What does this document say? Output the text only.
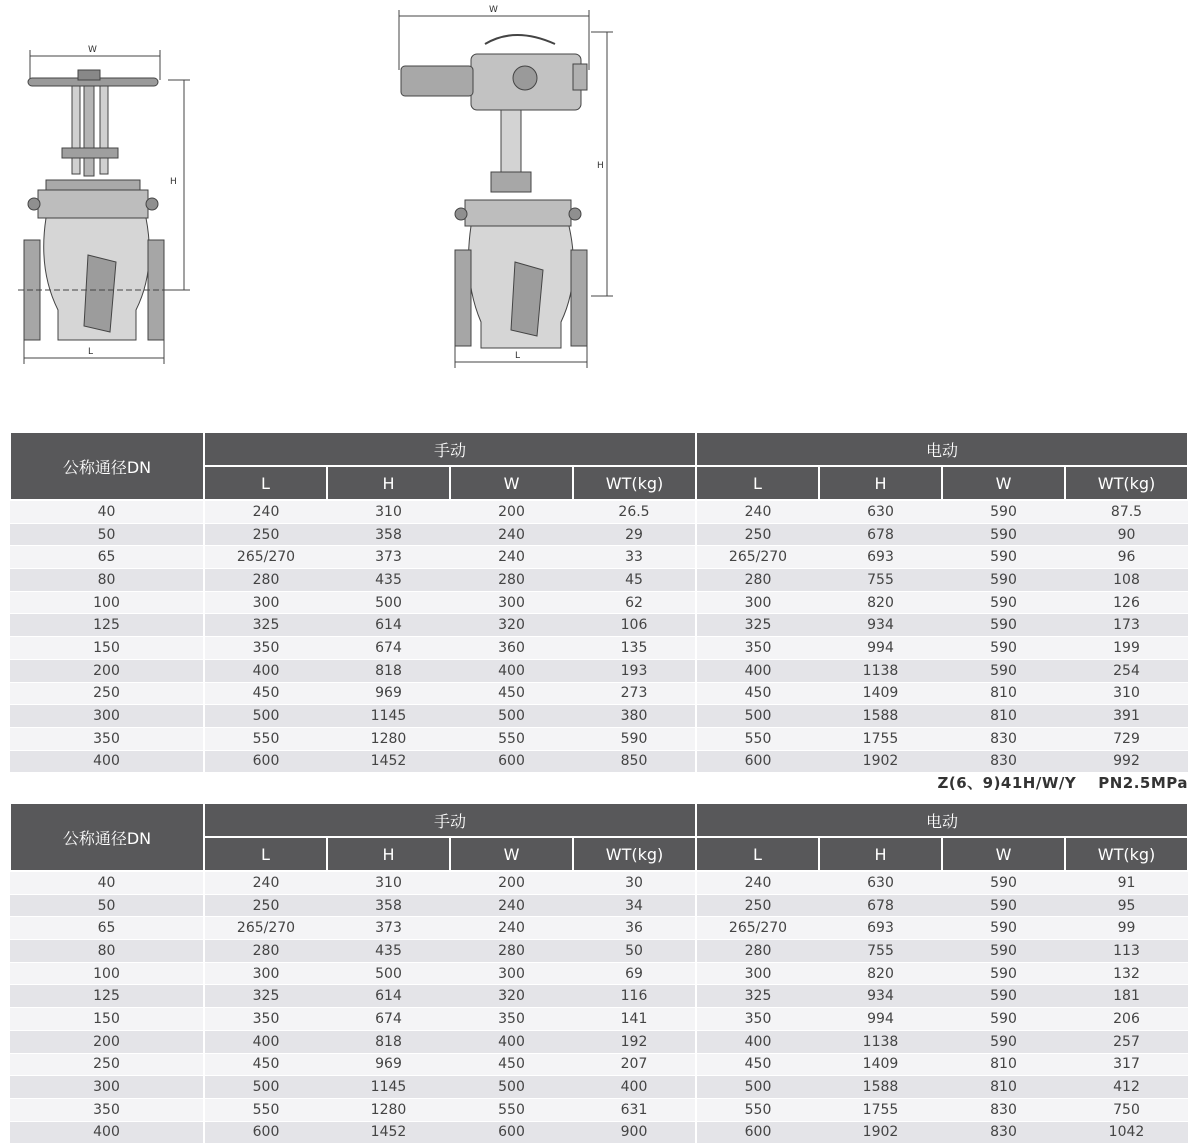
W
H
L
W
H
L
公称通径DN	手动				电动			
	L	H	W	WT(kg)	L	H	W	WT(kg)
40	240	310	200	26.5	240	630	590	87.5
50	250	358	240	29	250	678	590	90
65	265/270	373	240	33	265/270	693	590	96
80	280	435	280	45	280	755	590	108
100	300	500	300	62	300	820	590	126
125	325	614	320	106	325	934	590	173
150	350	674	360	135	350	994	590	199
200	400	818	400	193	400	1138	590	254
250	450	969	450	273	450	1409	810	310
300	500	1145	500	380	500	1588	810	391
350	550	1280	550	590	550	1755	830	729
400	600	1452	600	850	600	1902	830	992
Z(6、9)41H/W/Y PN2.5MPa
公称通径DN	手动				电动			
	L	H	W	WT(kg)	L	H	W	WT(kg)
40	240	310	200	30	240	630	590	91
50	250	358	240	34	250	678	590	95
65	265/270	373	240	36	265/270	693	590	99
80	280	435	280	50	280	755	590	113
100	300	500	300	69	300	820	590	132
125	325	614	320	116	325	934	590	181
150	350	674	350	141	350	994	590	206
200	400	818	400	192	400	1138	590	257
250	450	969	450	207	450	1409	810	317
300	500	1145	500	400	500	1588	810	412
350	550	1280	550	631	550	1755	830	750
400	600	1452	600	900	600	1902	830	1042
